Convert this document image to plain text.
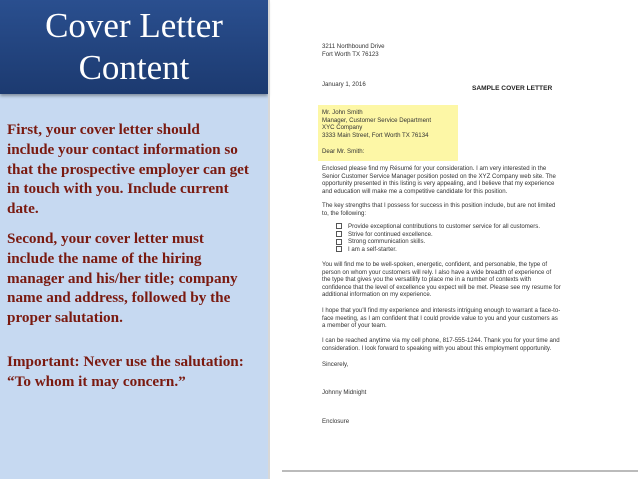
Cover Letter
Content
First, your cover letter should
include your contact information so
that the prospective employer can get
in touch with you. Include current
date.
Second, your cover letter must
include the name of the hiring
manager and his/her title; company
name and address, followed by the
proper salutation.
Important: Never use the salutation:
“To whom it may concern.”
3211 Northbound Drive
Fort Worth TX 76123
January 1, 2016
SAMPLE COVER LETTER
Mr. John Smith
Manager, Customer Service Department
XYC Company
3333 Main Street, Fort Worth TX 76134
Dear Mr. Smith:
Enclosed please find my Résumé for your consideration. I am very interested in the
Senior Customer Service Manager position posted on the XYZ Company web site. The
opportunity presented in this listing is very appealing, and I believe that my experience
and education will make me a competitive candidate for this position.
The key strengths that I possess for success in this position include, but are not limited
to, the following:
Provide exceptional contributions to customer service for all customers.
Strive for continued excellence.
Strong communication skills.
I am a self-starter.
You will find me to be well-spoken, energetic, confident, and personable, the type of
person on whom your customers will rely. I also have a wide breadth of experience of
the type that gives you the versatility to place me in a number of contexts with
confidence that the level of excellence you expect will be met. Please see my resume for
additional information on my experience.
I hope that you'll find my experience and interests intriguing enough to warrant a face-to-
face meeting, as I am confident that I could provide value to you and your customers as
a member of your team.
I can be reached anytime via my cell phone, 817-555-1244. Thank you for your time and
consideration. I look forward to speaking with you about this employment opportunity.
Sincerely,
Johnny Midnight
Enclosure
